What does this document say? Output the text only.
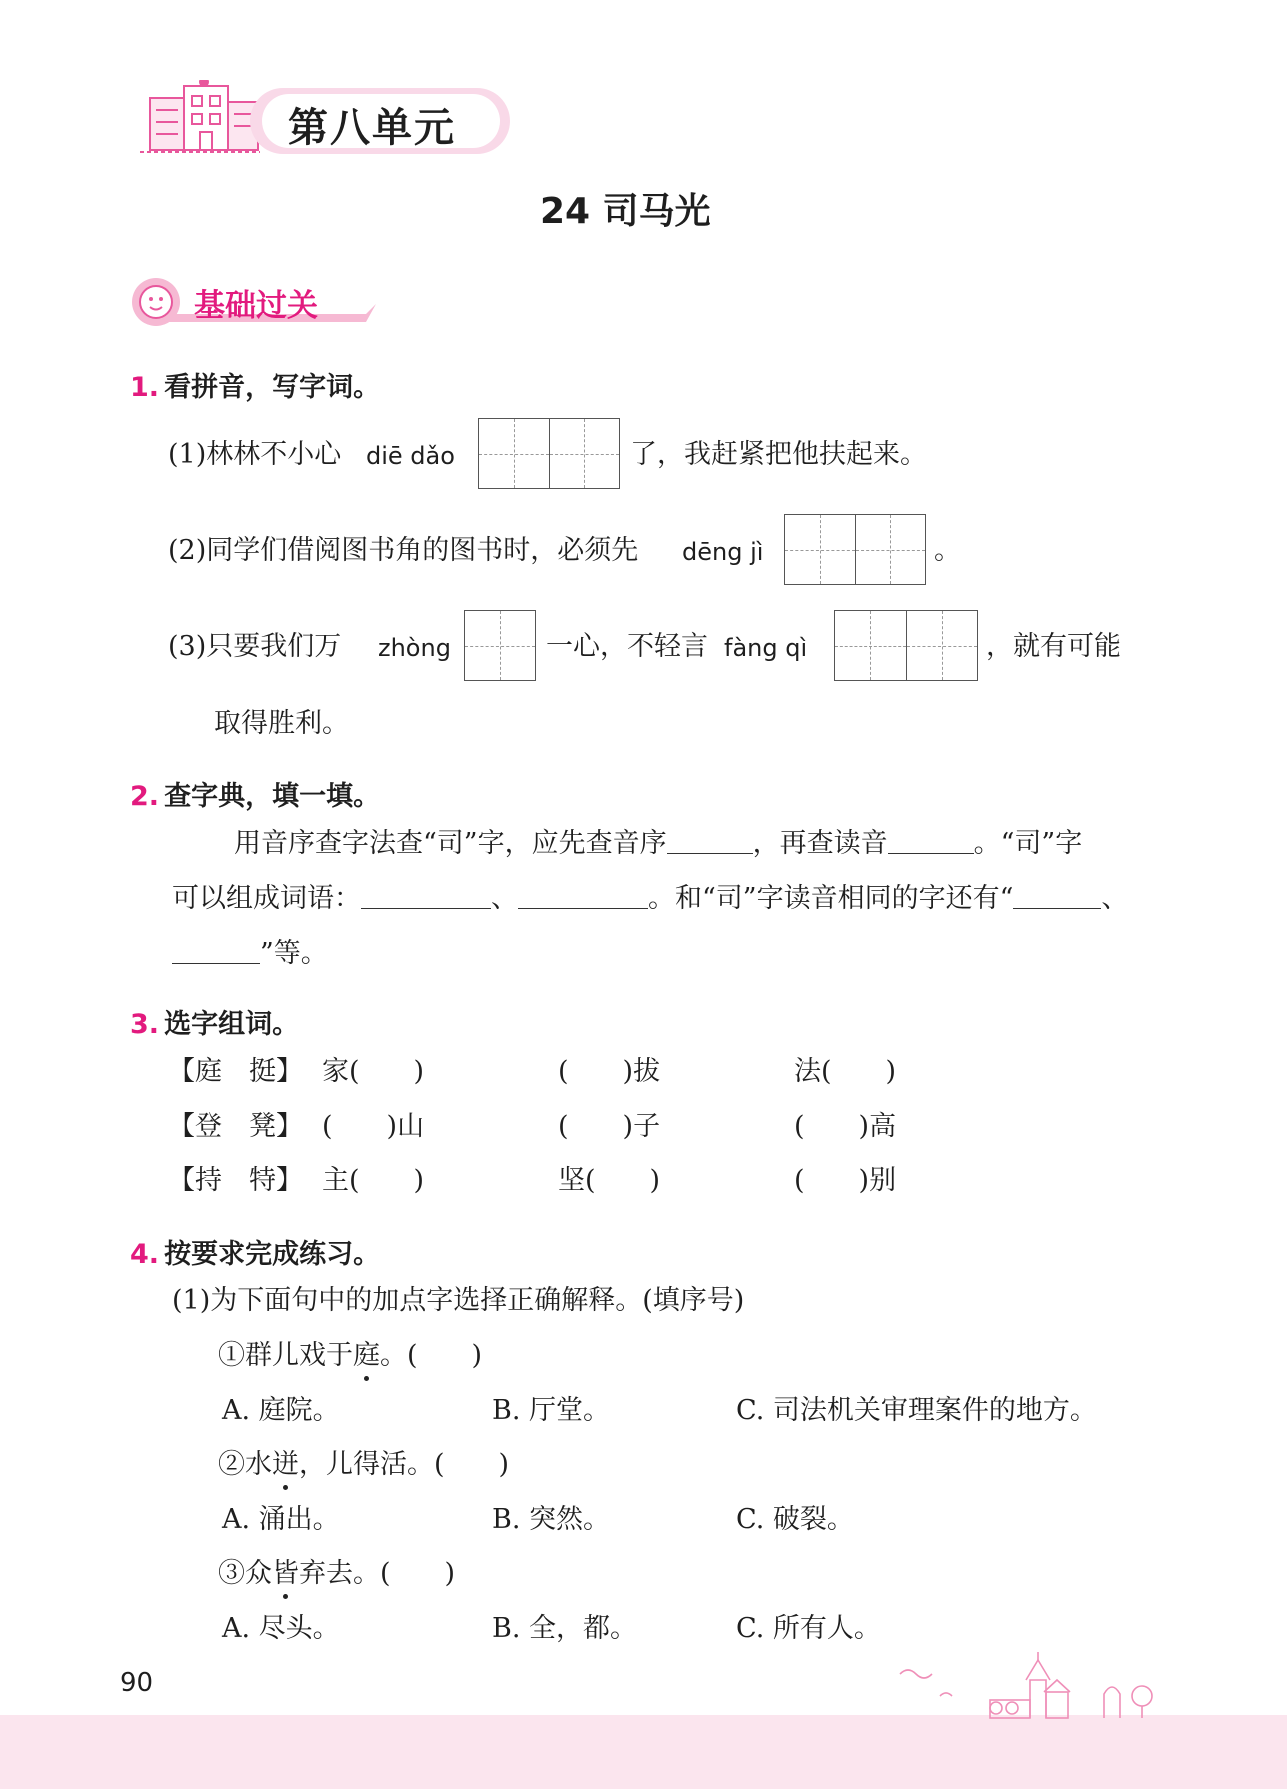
第八单元
24 司马光
基础过关
1. 看拼音，写字词。
(1)林林不小心 diē dǎo	了，我赶紧把他扶起来。
(2)同学们借阅图书角的图书时，必须先 dēng jì	。
(3)只要我们万 zhòng	一心，不轻言 fàng qì	，就有可能
取得胜利。
2. 查字典，填一填。
用音序查字法查“司”字，应先查音序	，再查读音	。“司”字
可以组成词语：	、	。和“司”字读音相同的字还有“	、
”等。
3. 选字组词。
【庭　挺】 家(　　)	(　　)拔	法(　　)
【登　凳】 (　　)山	(　　)子	(　　)高
【持　特】 主(　　)	坚(　　)	(　　)别
4. 按要求完成练习。
(1)为下面句中的加点字选择正确解释。(填序号)
①群儿戏于庭。(　　)
A. 庭院。	B. 厅堂。	C. 司法机关审理案件的地方。
②水迸，儿得活。(　　)
A. 涌出。	B. 突然。	C. 破裂。
③众皆弃去。(　　)
A. 尽头。	B. 全，都。	C. 所有人。
90
